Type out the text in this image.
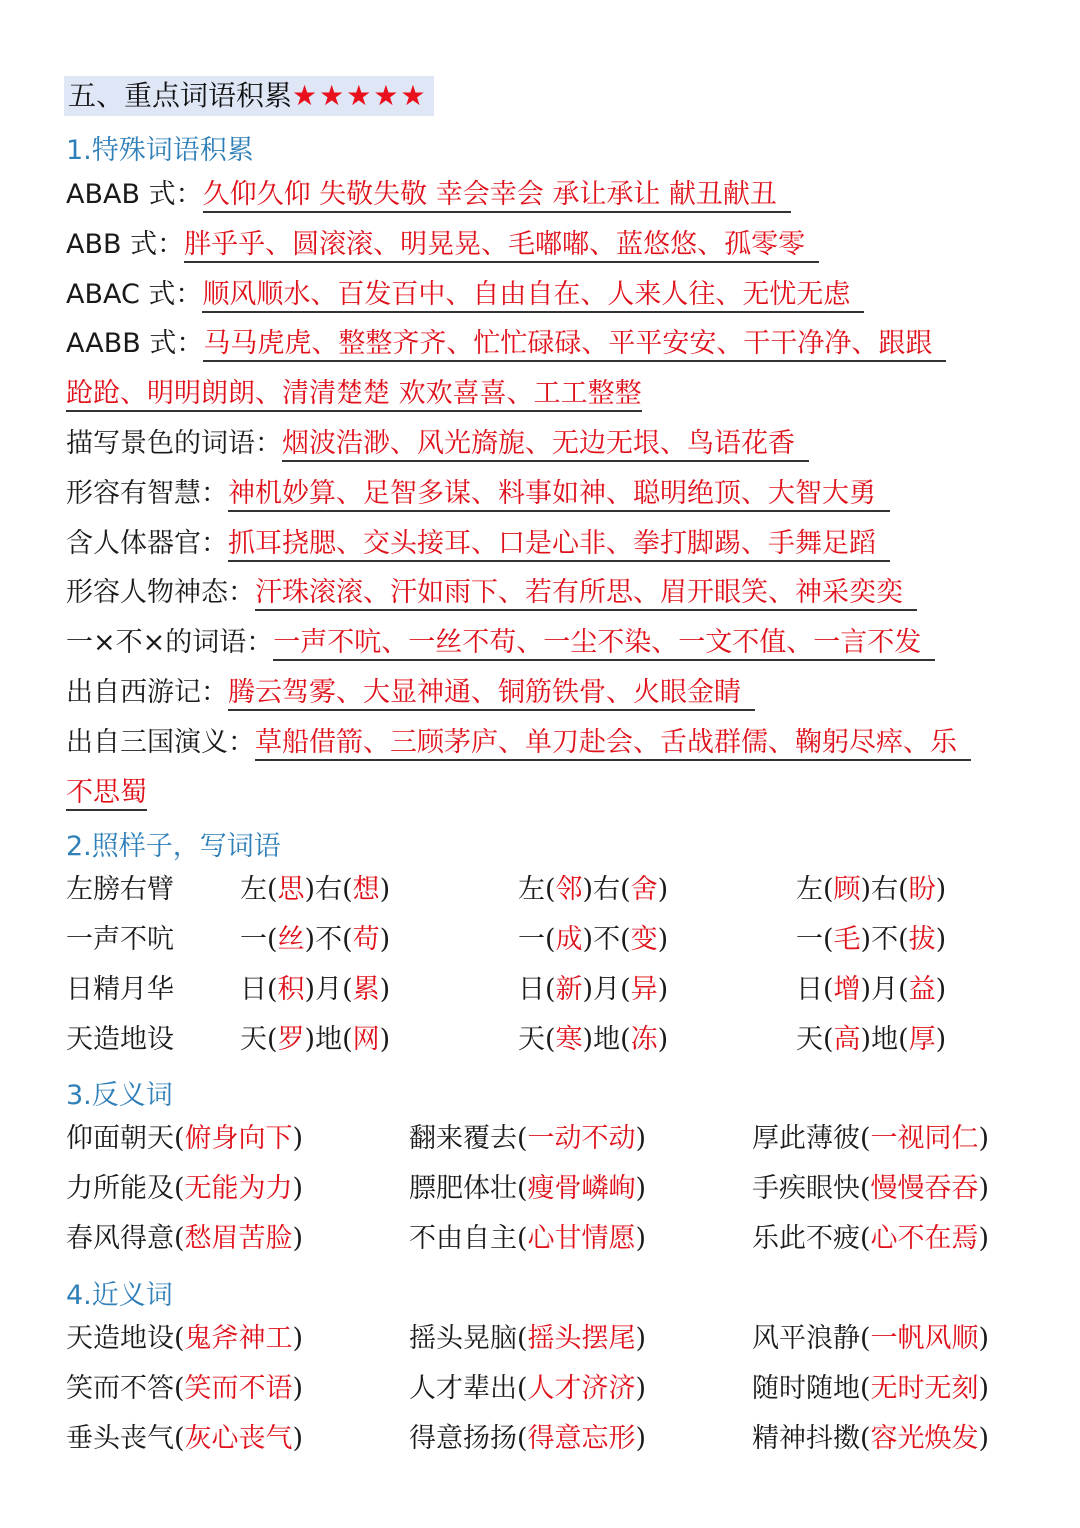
五、重点词语积累★★★★★
1.特殊词语积累
ABAB 式：久仰久仰 失敬失敬 幸会幸会 承让承让 献丑献丑
ABB 式：胖乎乎、圆滚滚、明晃晃、毛嘟嘟、蓝悠悠、孤零零
ABAC 式：顺风顺水、百发百中、自由自在、人来人往、无忧无虑
AABB 式：马马虎虎、整整齐齐、忙忙碌碌、平平安安、干干净净、跟跟
跄跄、明明朗朗、清清楚楚 欢欢喜喜、工工整整
描写景色的词语：烟波浩渺、风光旖旎、无边无垠、鸟语花香
形容有智慧：神机妙算、足智多谋、料事如神、聪明绝顶、大智大勇
含人体器官：抓耳挠腮、交头接耳、口是心非、拳打脚踢、手舞足蹈
形容人物神态：汗珠滚滚、汗如雨下、若有所思、眉开眼笑、神采奕奕
一×不×的词语：一声不吭、一丝不苟、一尘不染、一文不值、一言不发
出自西游记：腾云驾雾、大显神通、铜筋铁骨、火眼金睛
出自三国演义：草船借箭、三顾茅庐、单刀赴会、舌战群儒、鞠躬尽瘁、乐
不思蜀
2.照样子，写词语
左膀右臂 左(思)右(想)	左(邻)右(舍)	左(顾)右(盼)
一声不吭 一(丝)不(苟)	一(成)不(变)	一(毛)不(拔)
日精月华 日(积)月(累)	日(新)月(异)	日(增)月(益)
天造地设 天(罗)地(网)	天(寒)地(冻)	天(高)地(厚)
3.反义词
仰面朝天(俯身向下)	翻来覆去(一动不动)	厚此薄彼(一视同仁)
力所能及(无能为力)	膘肥体壮(瘦骨嶙峋)	手疾眼快(慢慢吞吞)
春风得意(愁眉苦脸)	不由自主(心甘情愿)	乐此不疲(心不在焉)
4.近义词
天造地设(鬼斧神工)	摇头晃脑(摇头摆尾)	风平浪静(一帆风顺)
笑而不答(笑而不语)	人才辈出(人才济济)	随时随地(无时无刻)
垂头丧气(灰心丧气)	得意扬扬(得意忘形)	精神抖擞(容光焕发)
